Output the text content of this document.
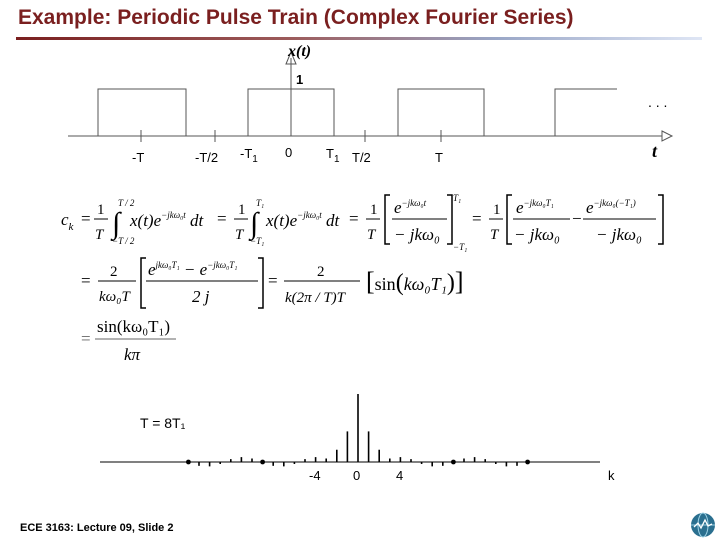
Example: Periodic Pulse Train (Complex Fourier Series)
x(t)
1
. . .
-T	-T/2 $-T_1$ 0	$T_1$ T/2	T	t
$c_k = 1$
T ∫
T / 2
−T / 2
$x(t)e^{-jk\omega_0t}$ dt = 1
T ∫
T₁
−T₁
$x(t)e^{-jk\omega_0t}$ dt = 1
T
$e^{-jk\omega_0t}$
− jkω₀
T₁
−T₁
= 1
T
$e^{-jk\omega_0T_1}$
− jkω₀
−
$e^{-jk\omega_0(-T_1)}$
− jkω₀
= 2
kω₀T
$e^{jk\omega_0T_1} - e^{-jk\omega_0T_1}$
2 j
=	2
k(2π / T)T
[sin(kω₀T₁)]
=
sin(kω₀T₁)
kπ
T = 8T₁
-4 0	4	k
ECE 3163: Lecture 09, Slide 2
